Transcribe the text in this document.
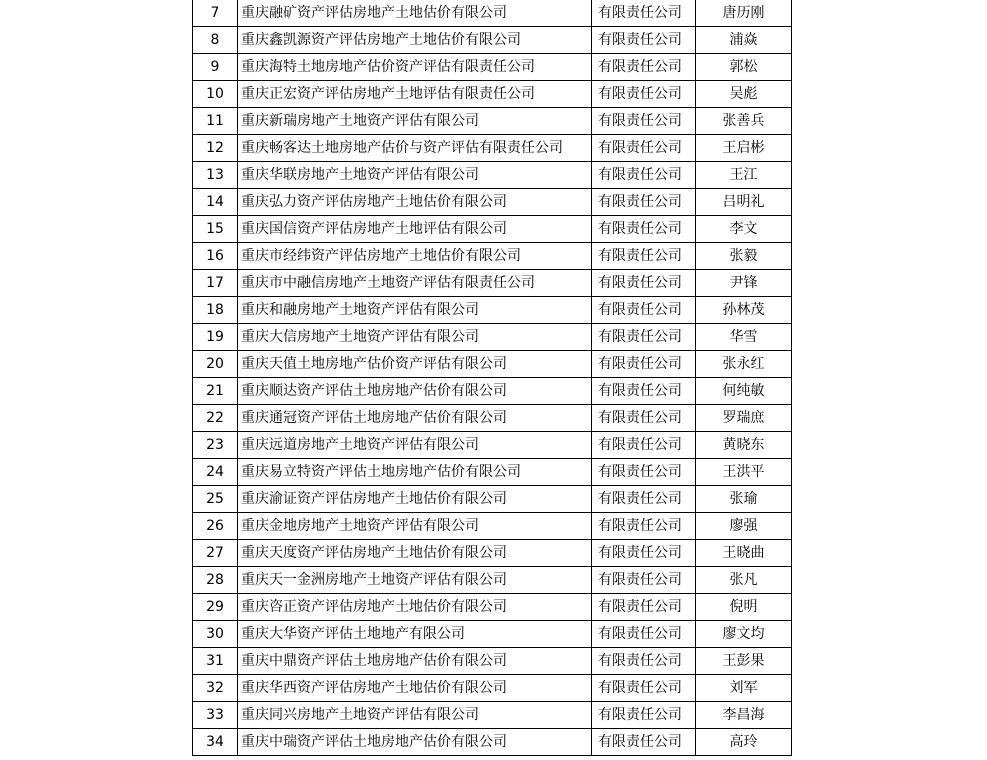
7	重庆融矿资产评估房地产土地估价有限公司	有限责任公司	唐历刚
8	重庆鑫凯源资产评估房地产土地估价有限公司	有限责任公司	浦焱
9	重庆海特土地房地产估价资产评估有限责任公司	有限责任公司	郭松
10	重庆正宏资产评估房地产土地评估有限责任公司	有限责任公司	吴彪
11	重庆新瑞房地产土地资产评估有限公司	有限责任公司	张善兵
12	重庆畅客达土地房地产估价与资产评估有限责任公司	有限责任公司	王启彬
13	重庆华联房地产土地资产评估有限公司	有限责任公司	王江
14	重庆弘力资产评估房地产土地估价有限公司	有限责任公司	吕明礼
15	重庆国信资产评估房地产土地评估有限公司	有限责任公司	李文
16	重庆市经纬资产评估房地产土地估价有限公司	有限责任公司	张毅
17	重庆市中融信房地产土地资产评估有限责任公司	有限责任公司	尹锋
18	重庆和融房地产土地资产评估有限公司	有限责任公司	孙林茂
19	重庆大信房地产土地资产评估有限公司	有限责任公司	华雪
20	重庆天值土地房地产估价资产评估有限公司	有限责任公司	张永红
21	重庆顺达资产评估土地房地产估价有限公司	有限责任公司	何纯敏
22	重庆通冠资产评估土地房地产估价有限公司	有限责任公司	罗瑞庶
23	重庆远道房地产土地资产评估有限公司	有限责任公司	黄晓东
24	重庆易立特资产评估土地房地产估价有限公司	有限责任公司	王洪平
25	重庆渝证资产评估房地产土地估价有限公司	有限责任公司	张瑜
26	重庆金地房地产土地资产评估有限公司	有限责任公司	廖强
27	重庆天度资产评估房地产土地估价有限公司	有限责任公司	王晓曲
28	重庆天一金洲房地产土地资产评估有限公司	有限责任公司	张凡
29	重庆咨正资产评估房地产土地估价有限公司	有限责任公司	倪明
30	重庆大华资产评估土地地产有限公司	有限责任公司	廖文均
31	重庆中鼎资产评估土地房地产估价有限公司	有限责任公司	王彭果
32	重庆华西资产评估房地产土地估价有限公司	有限责任公司	刘军
33	重庆同兴房地产土地资产评估有限公司	有限责任公司	李昌海
34	重庆中瑞资产评估土地房地产估价有限公司	有限责任公司	高玲
